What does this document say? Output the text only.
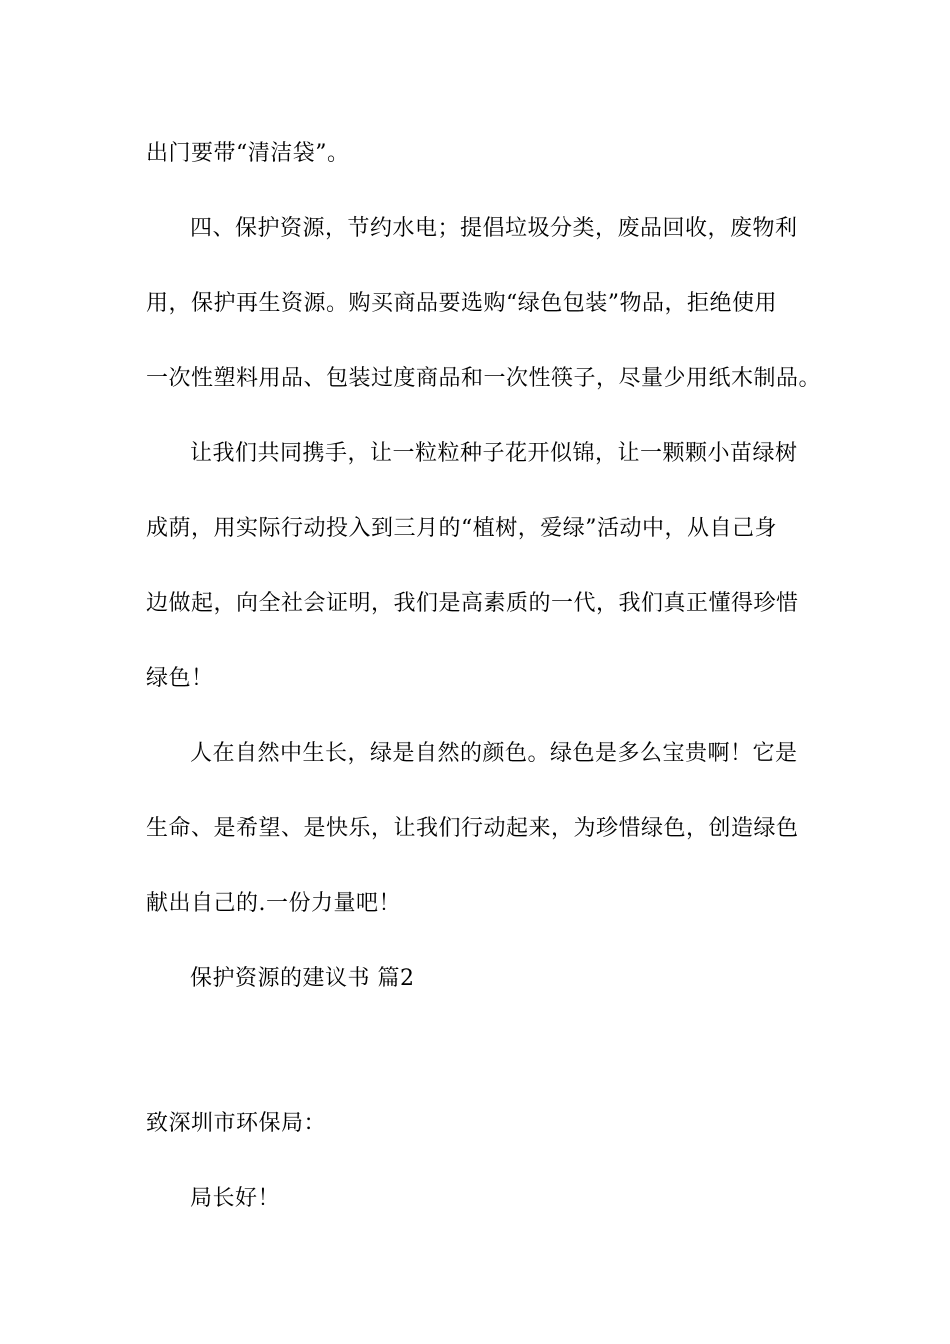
出门要带“清洁袋”。
四、保护资源，节约水电；提倡垃圾分类，废品回收，废物利
用，保护再生资源。购买商品要选购“绿色包装”物品，拒绝使用
一次性塑料用品、包装过度商品和一次性筷子，尽量少用纸木制品。
让我们共同携手，让一粒粒种子花开似锦，让一颗颗小苗绿树
成荫，用实际行动投入到三月的“植树，爱绿”活动中，从自己身
边做起，向全社会证明，我们是高素质的一代，我们真正懂得珍惜
绿色！
人在自然中生长，绿是自然的颜色。绿色是多么宝贵啊！它是
生命、是希望、是快乐，让我们行动起来，为珍惜绿色，创造绿色
献出自己的.一份力量吧！
保护资源的建议书 篇2
致深圳市环保局：
局长好！
